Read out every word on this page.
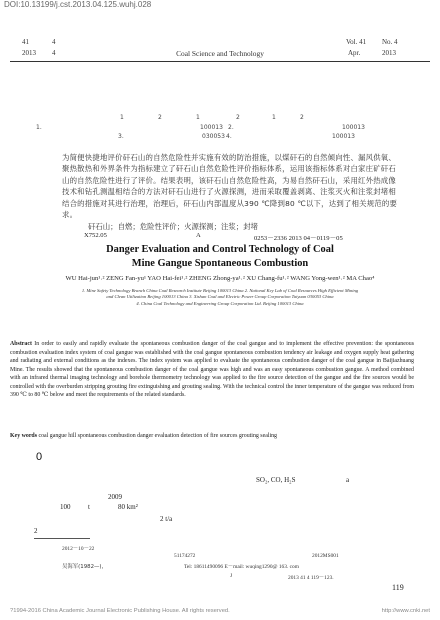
DOI:10.13199/j.cst.2013.04.125.wuhj.028
41	4
2013 4	Coal Science and Technology
Vol. 41 No. 4
Apr.	2013
1.
1	2	1	2	1	2
100013 2.	100013
3.	030053 4.	100013
为简便快捷地评价矸石山的自然危险性并实施有效的防治措施，以煤矸石的自然倾向性、漏风供氧、聚热散热和外界条件为指标建立了矸石山自然危险性评价指标体系，运用该指标体系对白家庄矿矸石山的自然危险性进行了评价。结果表明，该矸石山自然危险性高，为易自然矸石山，采用红外热成像技术和钻孔测温相结合的方法对矸石山进行了火源探测，进而采取覆盖剥离、注浆灭火和注浆封堵相结合的措施对其进行治理，治理后，矸石山内部温度从390 ℃降到80 ℃以下，达到了相关规范的要求。
矸石山；自燃；危险性评价；火源探测；注浆；封堵
X752.05	A	0253－2336 2013 04－0119－05
Danger Evaluation and Control Technology of Coal
Mine Gangue Spontaneous Combustion
WU Hai-jun¹˒² ZENG Fan-yu¹ YAO Hai-fei¹˒² ZHENG Zhong-ya¹˒² XU Chang-fu¹˒² WANG Yong-wen¹˒² MA Chao⁴
1. Mine Safety Technology Branch China Coal Research Institute Beijing 100013 China 2. National Key Lab of Coal Resources High Efficient Mining
and Clean Utilization Beijing 100013 China 3. Xishan Coal and Electric Power Group Corporation Taiyuan 030053 China
4. China Coal Technology and Engineering Group Corporation Ltd. Beijing 100013 China
Abstract In order to easily and rapidly evaluate the spontaneous combustion danger of the coal gangue and to implement the effective prevention: the spontaneous combustion evaluation index system of coal gangue was established with the coal gangue spontaneous combustion tendency air leakage and oxygen supply heat gathering and radiating and external conditions as the indexes. The index system was applied to evaluate the spontaneous combustion danger of the coal gangue in Baijiazhuang Mine. The results showed that the spontaneous combustion danger of the coal gangue was high and was an easy spontaneous combustion gangue. A method combined with an infrared thermal imaging technology and borehole thermometry technology was applied to the fire source detection of the gangue and the fire sources would be controlled with the overburden stripping grouting fire extinguishing and grouting sealing. With the technical control the inner temperature of the gangue was reduced from 390 ℃ to 80 ℃ below and meet the requirements of the related standards.
Key words coal gangue hill spontaneous combustion danger evaluation detection of fire sources grouting sealing
0
SO₂, CO, H₂S	a
2009
100	t	80 km²
2 t/a
2
2012－10－22
51174272	2012MS001
吴海军(1982—)，	Tel: 18611490096 E－mail: wuqing1290@ 163. com
J	2013 41 4 119－123.
119
?1994-2016 China Academic Journal Electronic Publishing House. All rights reserved.	http://www.cnki.net
